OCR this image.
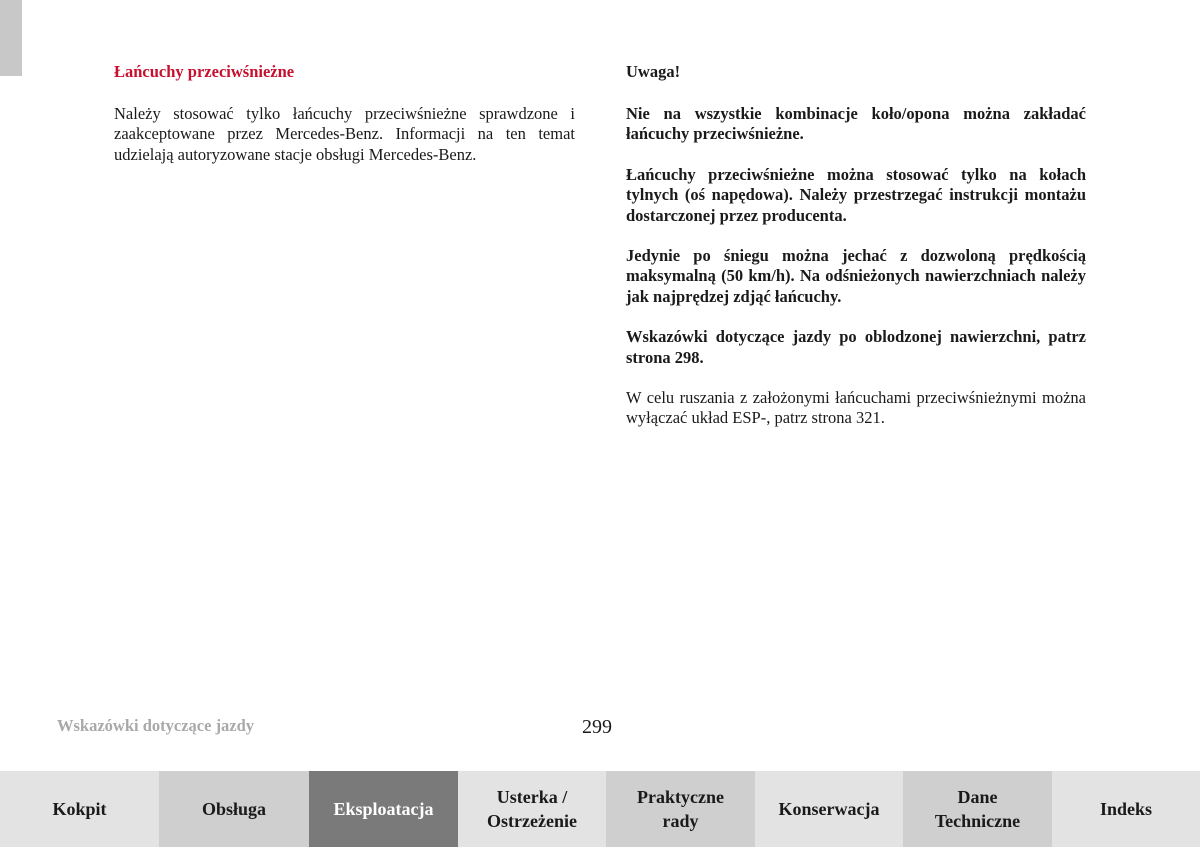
Łańcuchy przeciwśnieżne

Należy stosować tylko łańcuchy przeciwśnieżne sprawdzone i zaakceptowane przez Mercedes-Benz. Informacji na ten temat udzielają autoryzowane stacje obsługi Mercedes-Benz.

Uwaga!

Nie na wszystkie kombinacje koło/opona można zakładać łańcuchy przeciwśnieżne.

Łańcuchy przeciwśnieżne można stosować tylko na kołach tylnych (oś napędowa). Należy przestrzegać instrukcji montażu dostarczonej przez producenta.

Jedynie po śniegu można jechać z dozwoloną prędkością maksymalną (50 km/h). Na odśnieżonych nawierzchniach należy jak najprędzej zdjąć łańcuchy.

Wskazówki dotyczące jazdy po oblodzonej nawierzchni, patrz strona 298.

W celu ruszania z założonymi łańcuchami przeciwśnieżnymi można wyłączać układ ESP-, patrz strona 321.

Wskazówki dotyczące jazdy	299
Kokpit	Obsługa	Eksploatacja
Usterka /
Ostrzeżenie
Praktyczne
rady
Konserwacja
Dane
Techniczne
Indeks
